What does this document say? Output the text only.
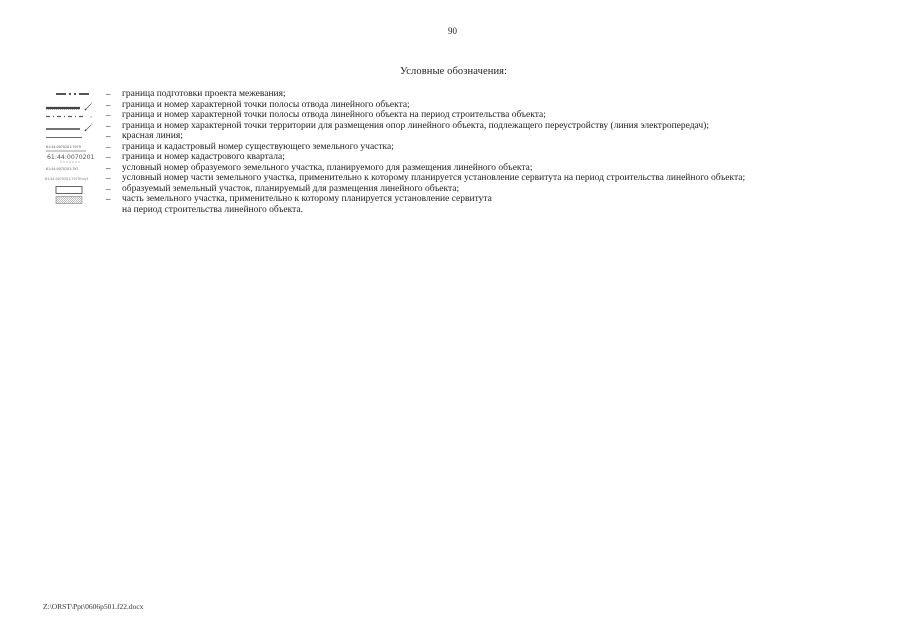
90
Условные обозначения:
– граница подготовки проекта межевания;
1 – граница и номер характерной точки полосы отвода линейного объекта;
2 – граница и номер характерной точки полосы отвода линейного объекта на период строительства объекта;
3 – граница и номер характерной точки территории для размещения опор линейного объекта, подлежащего переустройству (линия электропередач);
– красная линия;
61:44:0070201:7979	– граница и кадастровый номер существующего земельного участка;
61:44:0070201 – граница и номер кадастрового квартала;
61:44:0070201:ЗУ1	– условный номер образуемого земельного участка, планируемого для размещения линейного объекта;
61:44:0070201:7979/чзу1 – условный номер части земельного участка, применительно к которому планируется установление сервитута на период строительства линейного объекта;
– образуемый земельный участок, планируемый для размещения линейного объекта;
– часть земельного участка, применительно к которому планируется установление сервитута
на период строительства линейного объекта.
Z:\ORST\Ppt\0606p501.f22.docx
